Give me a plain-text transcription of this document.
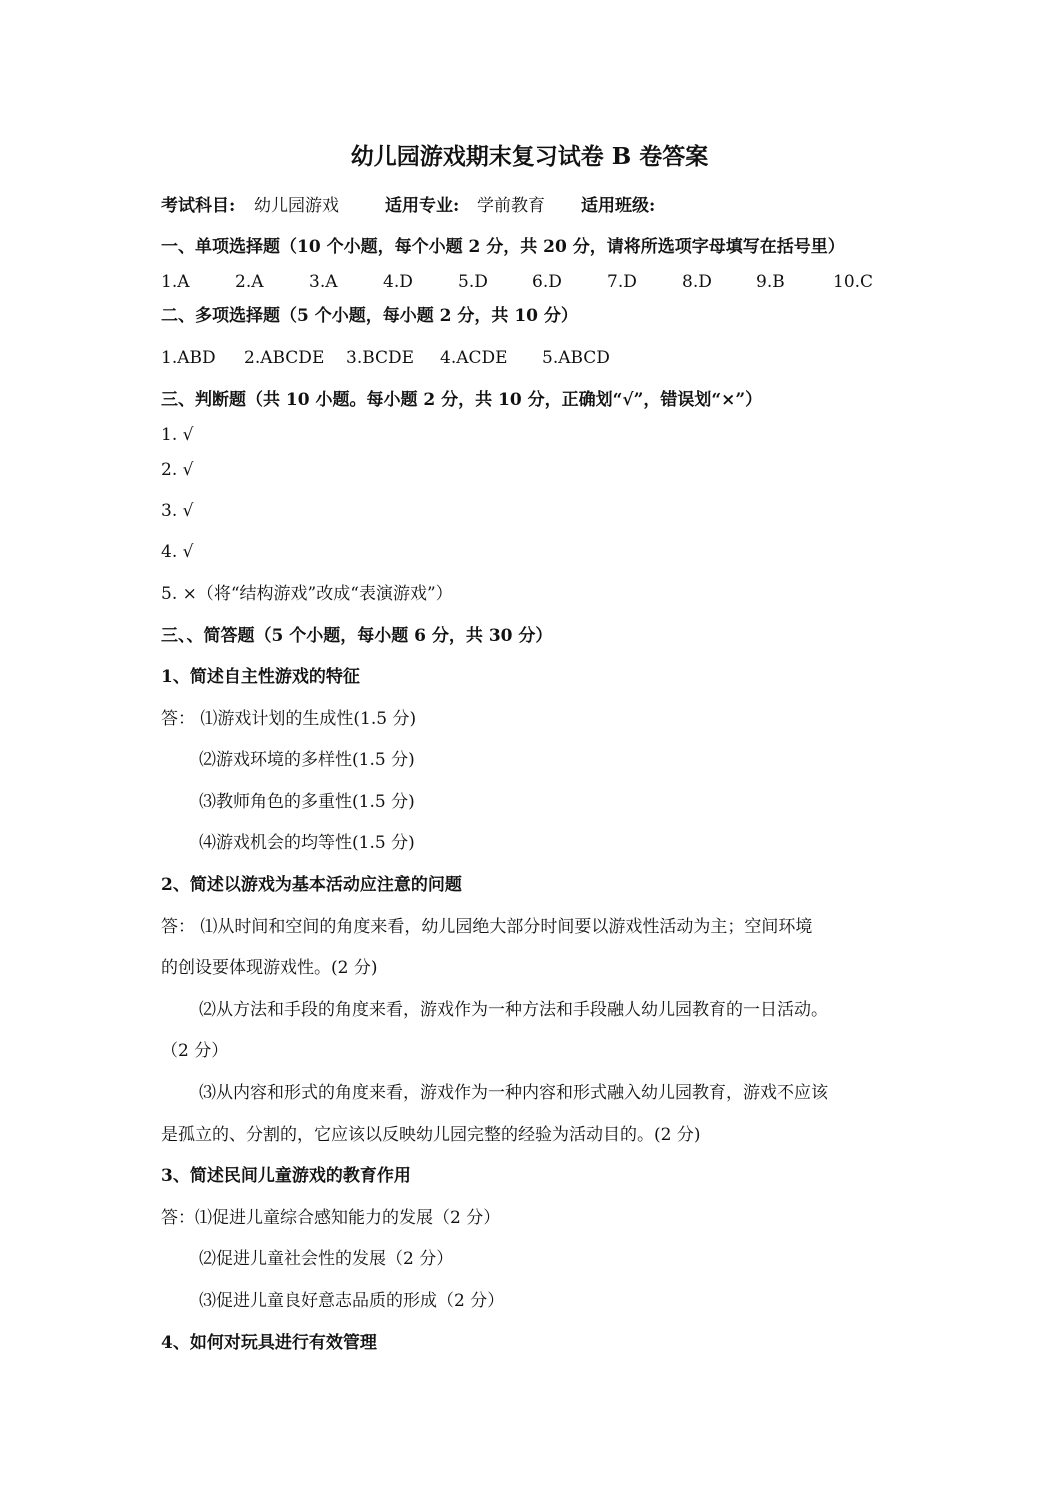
幼儿园游戏期末复习试卷 B 卷答案
考试科目: 幼儿园游戏	适用专业: 学前教育 适用班级:
一、单项选择题（10 个小题，每个小题 2 分，共 20 分，请将所选项字母填写在括号里）
1.A	2.A	3.A	4.D	5.D	6.D	7.D	8.D	9.B	10.C
二、多项选择题（5 个小题，每小题 2 分，共 10 分）
1.ABD 2.ABCDE 3.BCDE 4.ACDE 5.ABCD
三、判断题（共 10 小题。每小题 2 分，共 10 分，正确划“√”，错误划“×”）
1. √
2. √
3. √
4. √
5. ×（将“结构游戏”改成“表演游戏”）
三、、简答题（5 个小题，每小题 6 分，共 30 分）
1、简述自主性游戏的特征
答： ⑴游戏计划的生成性(1.5 分)
⑵游戏环境的多样性(1.5 分)
⑶教师角色的多重性(1.5 分)
⑷游戏机会的均等性(1.5 分)
2、简述以游戏为基本活动应注意的问题
答： ⑴从时间和空间的角度来看，幼儿园绝大部分时间要以游戏性活动为主；空间环境
的创设要体现游戏性。(2 分)
⑵从方法和手段的角度来看，游戏作为一种方法和手段融人幼儿园教育的一日活动。
（2 分）
⑶从内容和形式的角度来看，游戏作为一种内容和形式融入幼儿园教育，游戏不应该
是孤立的、分割的，它应该以反映幼儿园完整的经验为活动目的。(2 分)
3、简述民间儿童游戏的教育作用
答：⑴促进儿童综合感知能力的发展（2 分）
⑵促进儿童社会性的发展（2 分）
⑶促进儿童良好意志品质的形成（2 分）
4、如何对玩具进行有效管理
